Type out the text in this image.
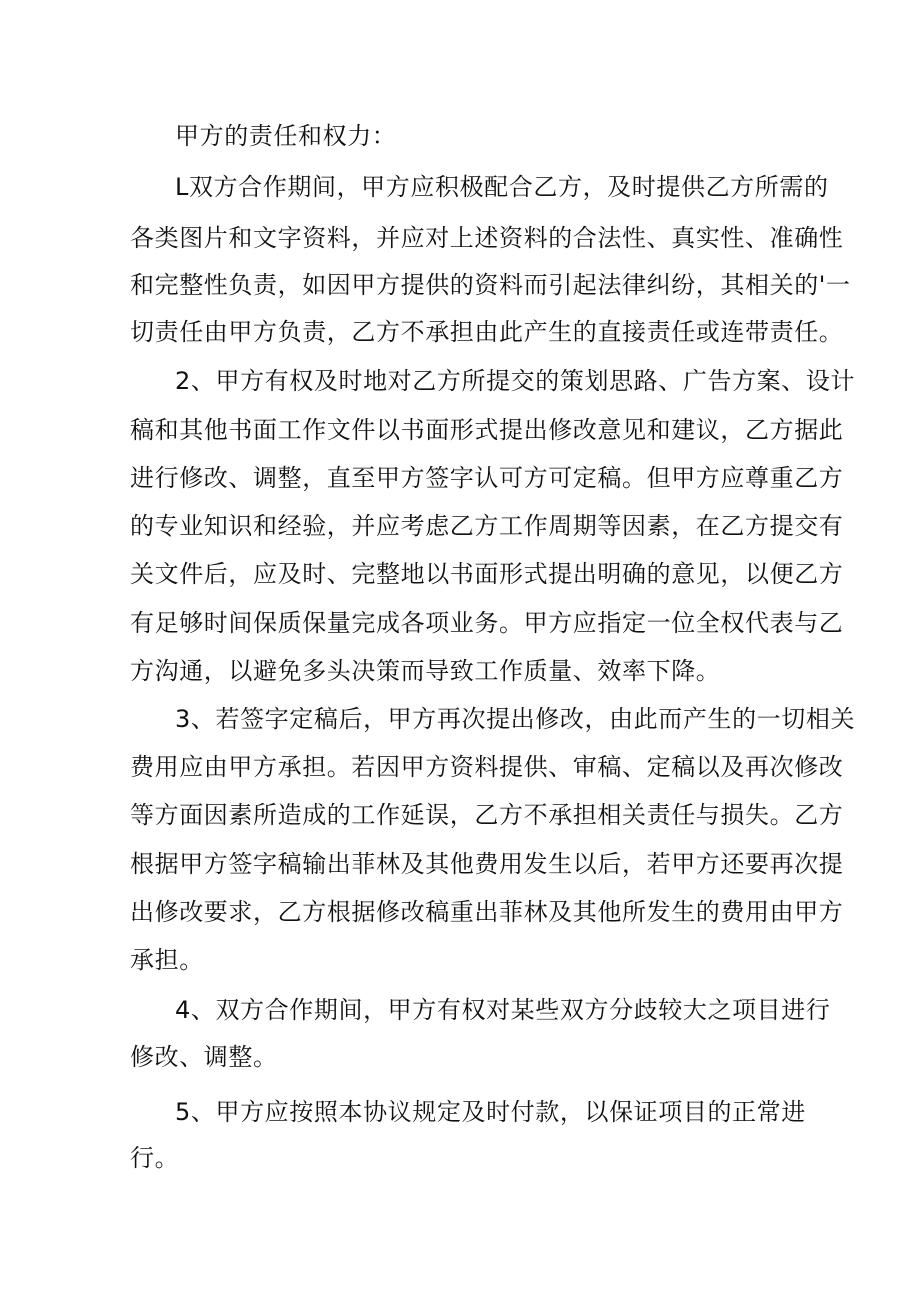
甲方的责任和权力：
L双方合作期间，甲方应积极配合乙方，及时提供乙方所需的
各类图片和文字资料，并应对上述资料的合法性、真实性、准确性
和完整性负责，如因甲方提供的资料而引起法律纠纷，其相关的'一
切责任由甲方负责，乙方不承担由此产生的直接责任或连带责任。
2、甲方有权及时地对乙方所提交的策划思路、广告方案、设计
稿和其他书面工作文件以书面形式提出修改意见和建议，乙方据此
进行修改、调整，直至甲方签字认可方可定稿。但甲方应尊重乙方
的专业知识和经验，并应考虑乙方工作周期等因素，在乙方提交有
关文件后，应及时、完整地以书面形式提出明确的意见，以便乙方
有足够时间保质保量完成各项业务。甲方应指定一位全权代表与乙
方沟通，以避免多头决策而导致工作质量、效率下降。
3、若签字定稿后，甲方再次提出修改，由此而产生的一切相关
费用应由甲方承担。若因甲方资料提供、审稿、定稿以及再次修改
等方面因素所造成的工作延误，乙方不承担相关责任与损失。乙方
根据甲方签字稿输出菲林及其他费用发生以后，若甲方还要再次提
出修改要求，乙方根据修改稿重出菲林及其他所发生的费用由甲方
承担。
4、双方合作期间，甲方有权对某些双方分歧较大之项目进行
修改、调整。
5、甲方应按照本协议规定及时付款，以保证项目的正常进
行。
